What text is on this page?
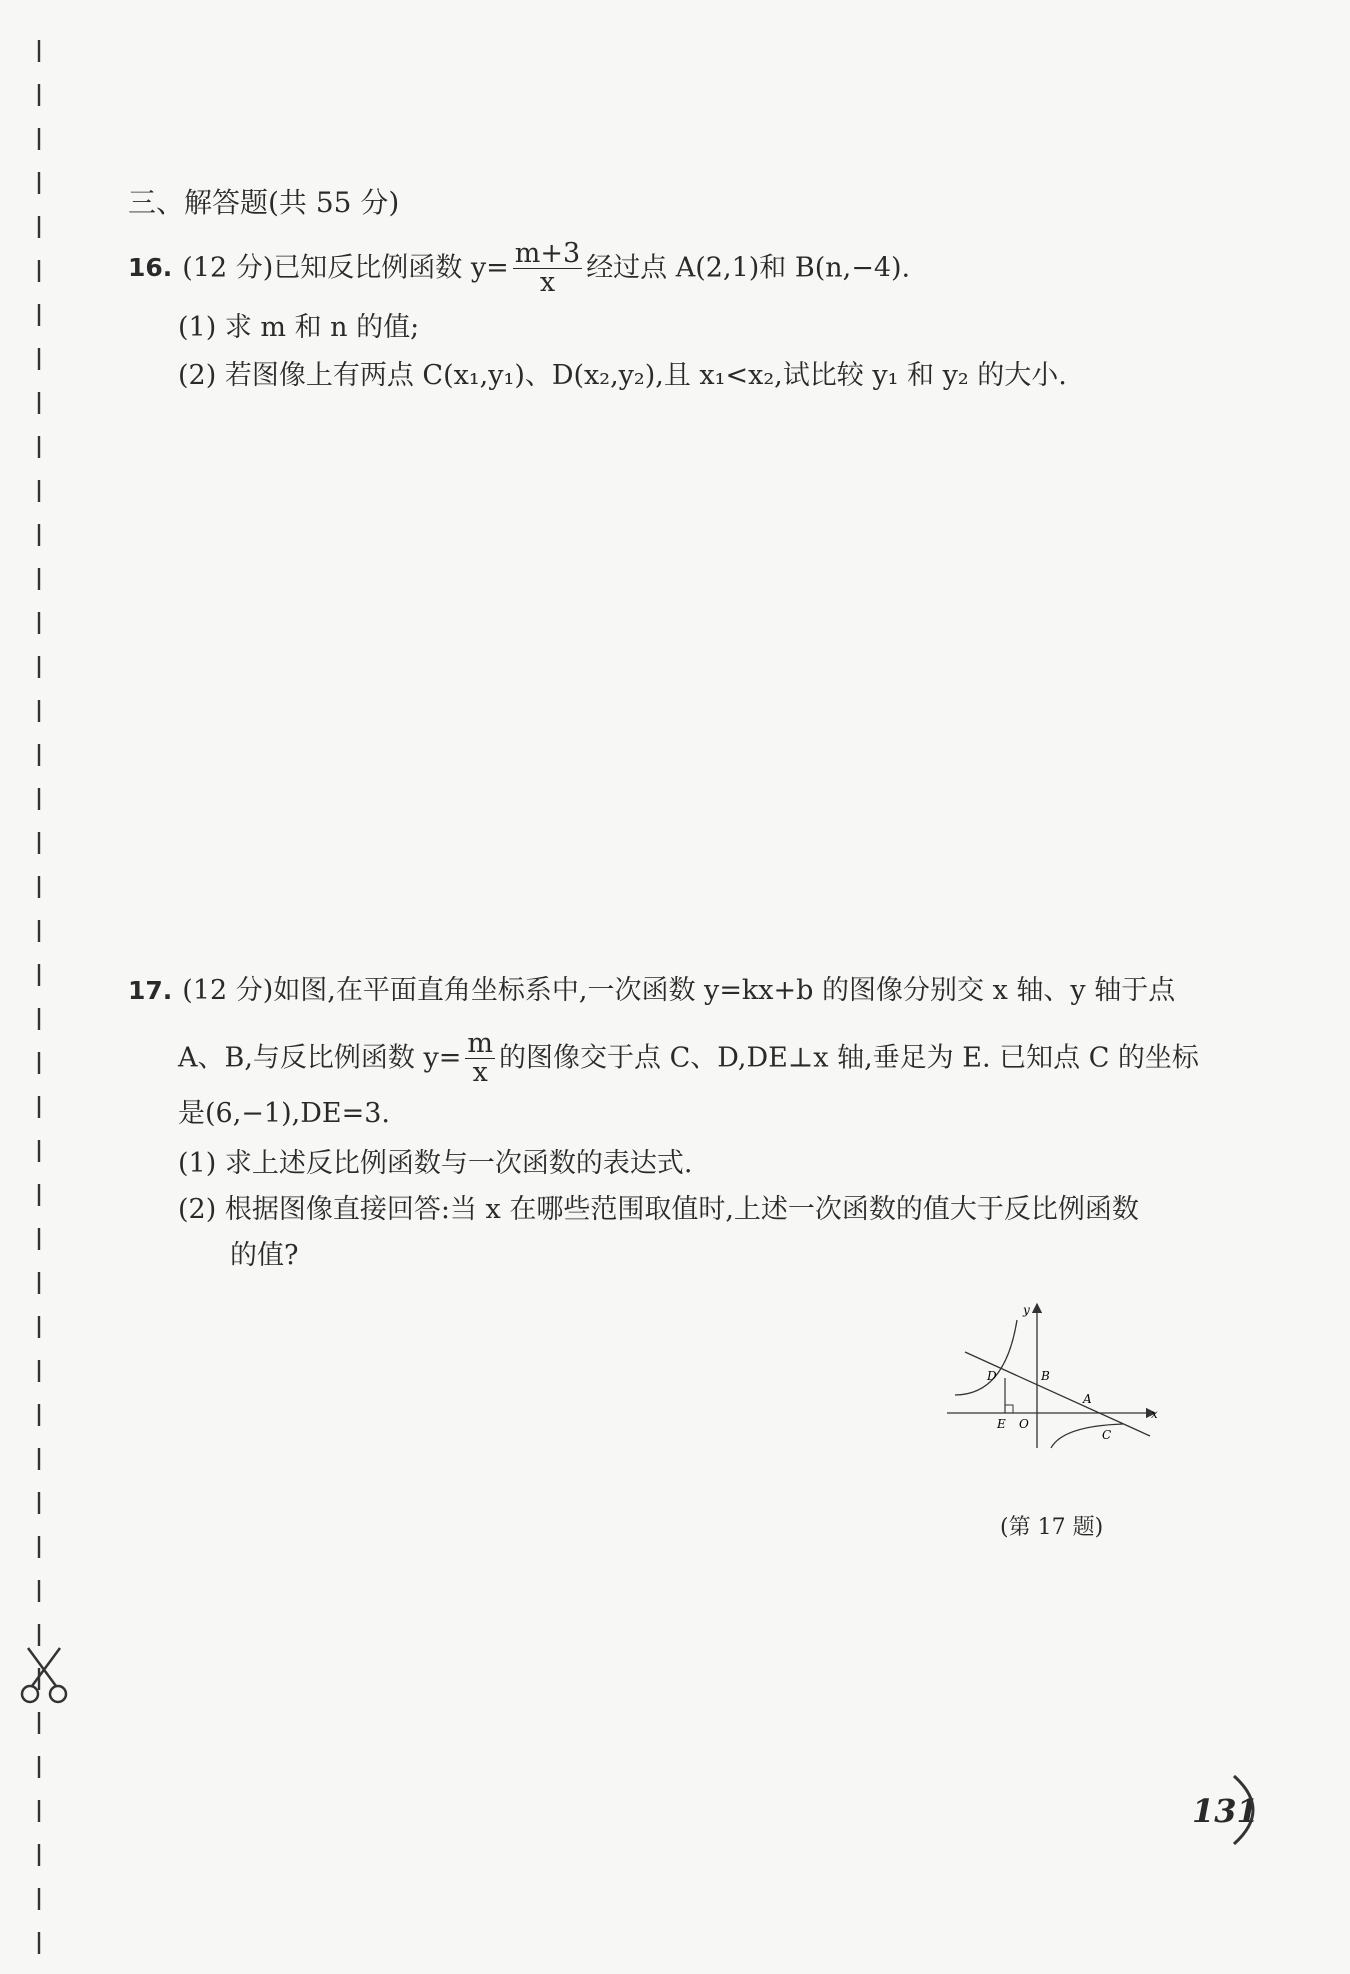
三、解答题(共 55 分)
16. (12 分)已知反比例函数 $y= \frac{m+3}{x}$ 经过点 A(2,1)和 B(n,−4).
(1) 求 m 和 n 的值;
(2) 若图像上有两点 C(x₁,y₁)、D(x₂,y₂),且 x₁<x₂,试比较 y₁ 和 y₂ 的大小.
17. (12 分)如图,在平面直角坐标系中,一次函数 y=kx+b 的图像分别交 x 轴、y 轴于点
A、B,与反比例函数 $y= \frac{m}{x}$ 的图像交于点 C、D,DE⊥x 轴,垂足为 E. 已知点 C 的坐标
是(6,−1),DE=3.
(1) 求上述反比例函数与一次函数的表达式.
(2) 根据图像直接回答:当 x 在哪些范围取值时,上述一次函数的值大于反比例函数
的值?
y
x
D	B
A
E O
C
(第 17 题)
131
